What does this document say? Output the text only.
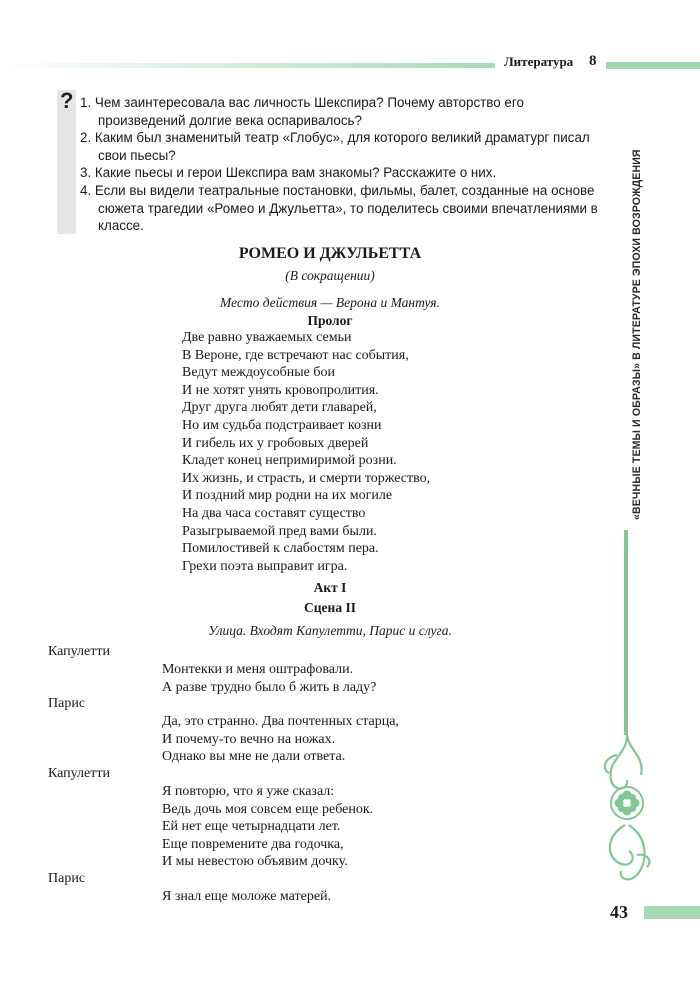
Литература 8
? 1. Чем заинтересовала вас личность Шекспира? Почему авторство его произведений долгие века оспаривалось?
2. Каким был знаменитый театр «Глобус», для которого великий драматург писал свои пьесы?
3. Какие пьесы и герои Шекспира вам знакомы? Расскажите о них.
4. Если вы видели театральные постановки, фильмы, балет, созданные на основе сюжета трагедии «Ромео и Джульетта», то поделитесь своими впечатлениями в классе.	«ВЕЧНЫЕ ТЕМЫ И ОБРАЗЫ» В ЛИТЕРАТУРЕ ЭПОХИ ВОЗРОЖДЕНИЯ
РОМЕО И ДЖУЛЬЕТТА
(В сокращении)
Место действия — Верона и Мантуя.
Пролог
Две равно уважаемых семьи
В Вероне, где встречают нас события,
Ведут междоусобные бои
И не хотят унять кровопролития.
Друг друга любят дети главарей,
Но им судьба подстраивает козни
И гибель их у гробовых дверей
Кладет конец непримиримой розни.
Их жизнь, и страсть, и смерти торжество,
И поздний мир родни на их могиле
На два часа составят существо
Разыгрываемой пред вами были.
Помилостивей к слабостям пера.
Грехи поэта выправит игра.
Акт I
Сцена II
Улица. Входят Капулетти, Парис и слуга.
Капулетти
Монтекки и меня оштрафовали.
А разве трудно было б жить в ладу?
Парис
Да, это странно. Два почтенных старца,
И почему-то вечно на ножах.
Однако вы мне не дали ответа.
Капулетти
Я повторю, что я уже сказал:
Ведь дочь моя совсем еще ребенок.
Ей нет еще четырнадцати лет.
Еще повремените два годочка,
И мы невестою объявим дочку.
Парис
Я знал еще моложе матерей.
43
